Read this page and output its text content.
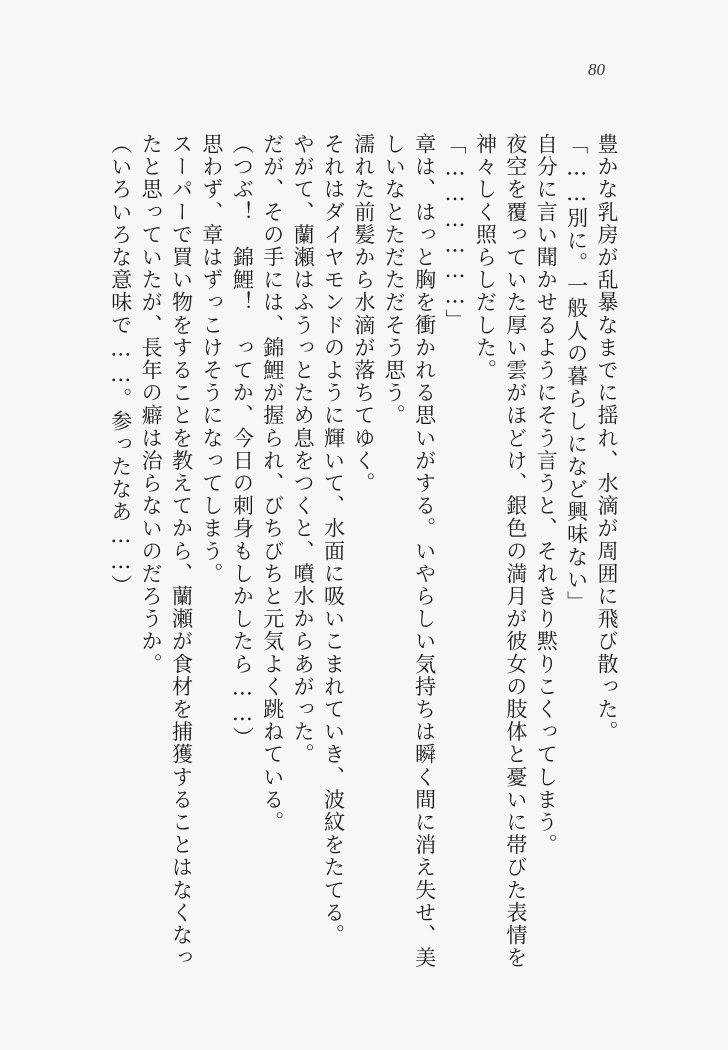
80
豊かな乳房が乱暴なまでに揺れ、水滴が周囲に飛び散った。
「……別に。一般人の暮らしになど興味ない」
自分に言い聞かせるようにそう言うと、それきり黙りこくってしまう。
夜空を覆っていた厚い雲がほどけ、銀色の満月が彼女の肢体と憂いに帯びた表情を
神々しく照らしだした。
「………………」
章は、はっと胸を衝かれる思いがする。いやらしい気持ちは瞬く間に消え失せ、美
しいなとただただそう思う。
濡れた前髪から水滴が落ちてゆく。
それはダイヤモンドのように輝いて、水面に吸いこまれていき、波紋をたてる。
やがて、蘭瀬はふうっとため息をつくと、噴水からあがった。
だが、その手には、錦鯉が握られ、びちびちと元気よく跳ねている。
（つぶ！　錦鯉！　ってか、今日の刺身もしかしたら……）
思わず、章はずっこけそうになってしまう。
スーパーで買い物をすることを教えてから、蘭瀬が食材を捕獲することはなくなっ
たと思っていたが、長年の癖は治らないのだろうか。
（いろいろな意味で……。参ったなあ……）
